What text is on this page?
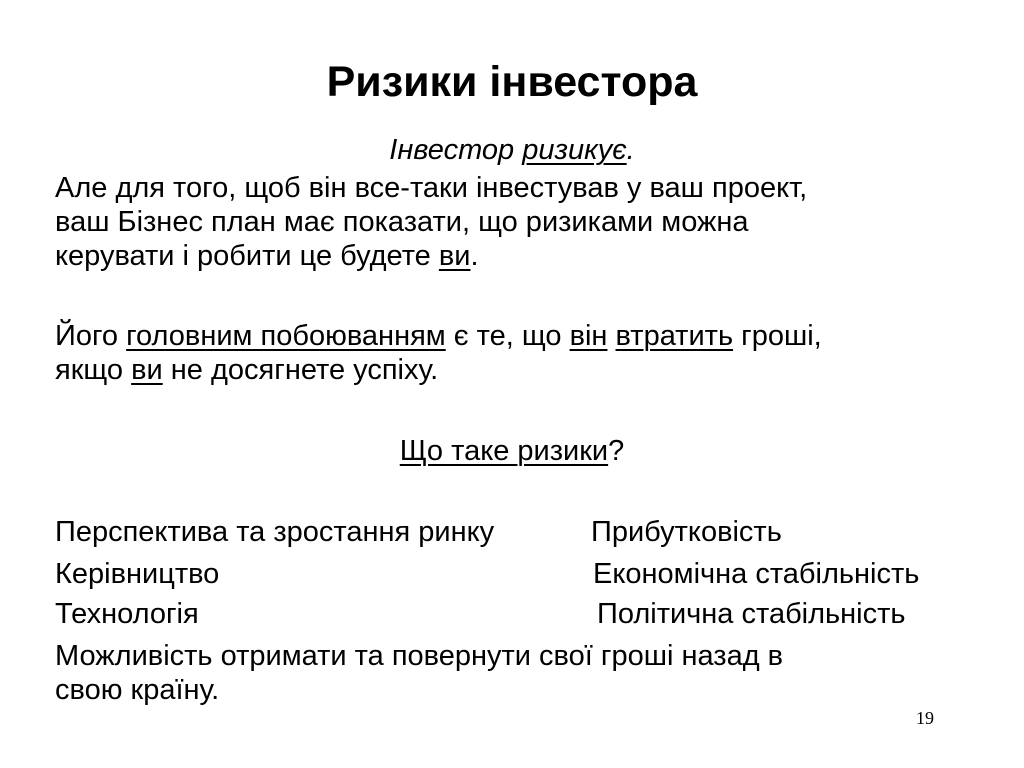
Ризики інвестора
Інвестор ризикує.
Але для того, щоб він все-таки інвестував у ваш проект,
ваш Бізнес план має показати, що ризиками можна
керувати і робити це будете ви.
Його головним побоюванням є те, що він втратить гроші,
якщо ви не досягнете успіху.
Що таке ризики?
Перспектива та зростання ринку	Прибутковість
Керівництво	Економічна стабільність
Технологія	Політична стабільність
Можливість отримати та повернути свої гроші назад в
свою країну.
19
